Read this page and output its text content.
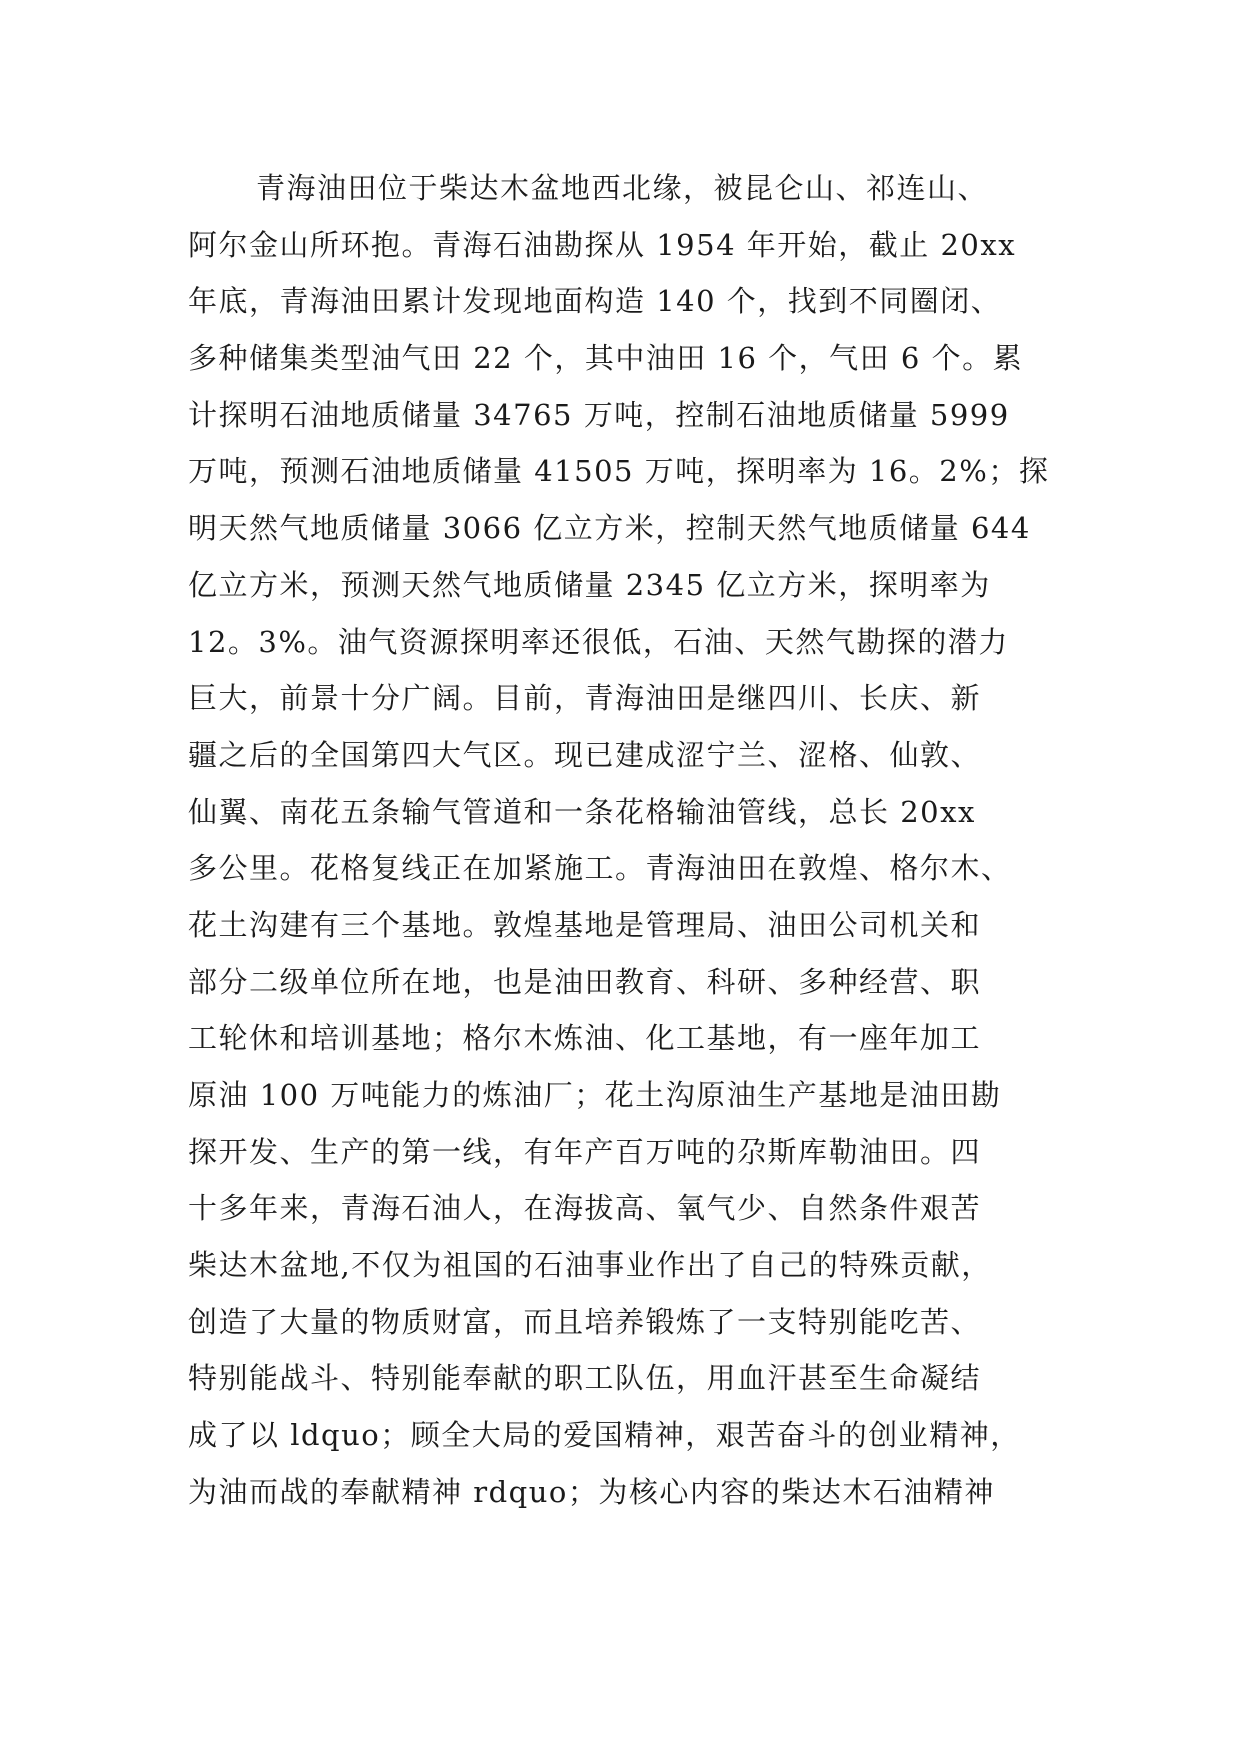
青海油田位于柴达木盆地西北缘，被昆仑山、祁连山、
阿尔金山所环抱。青海石油勘探从 1954 年开始，截止 20xx
年底，青海油田累计发现地面构造 140 个，找到不同圈闭、
多种储集类型油气田 22 个，其中油田 16 个，气田 6 个。累
计探明石油地质储量 34765 万吨，控制石油地质储量 5999
万吨，预测石油地质储量 41505 万吨，探明率为 16。2%；探
明天然气地质储量 3066 亿立方米，控制天然气地质储量 644
亿立方米，预测天然气地质储量 2345 亿立方米，探明率为
12。3%。油气资源探明率还很低，石油、天然气勘探的潜力
巨大，前景十分广阔。目前，青海油田是继四川、长庆、新
疆之后的全国第四大气区。现已建成涩宁兰、涩格、仙敦、
仙翼、南花五条输气管道和一条花格输油管线，总长 20xx
多公里。花格复线正在加紧施工。青海油田在敦煌、格尔木、
花土沟建有三个基地。敦煌基地是管理局、油田公司机关和
部分二级单位所在地，也是油田教育、科研、多种经营、职
工轮休和培训基地；格尔木炼油、化工基地，有一座年加工
原油 100 万吨能力的炼油厂；花土沟原油生产基地是油田勘
探开发、生产的第一线，有年产百万吨的尕斯库勒油田。四
十多年来，青海石油人，在海拔高、氧气少、自然条件艰苦
柴达木盆地,不仅为祖国的石油事业作出了自己的特殊贡献，
创造了大量的物质财富，而且培养锻炼了一支特别能吃苦、
特别能战斗、特别能奉献的职工队伍，用血汗甚至生命凝结
成了以 ldquo；顾全大局的爱国精神，艰苦奋斗的创业精神，
为油而战的奉献精神 rdquo；为核心内容的柴达木石油精神
